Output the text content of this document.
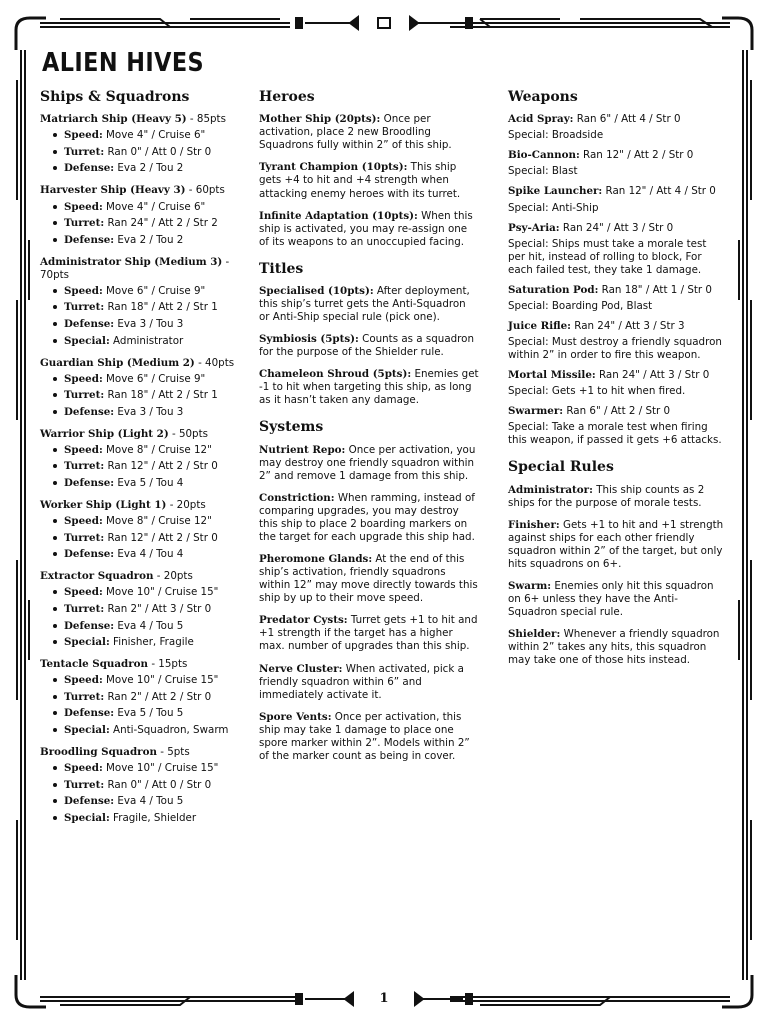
ALIEN HIVES
Ships & Squadrons
Matriarch Ship (Heavy 5) - 85pts
Speed: Move 4" / Cruise 6"
Turret: Ran 0" / Att 0 / Str 0
Defense: Eva 2 / Tou 2
Harvester Ship (Heavy 3) - 60pts
Speed: Move 4" / Cruise 6"
Turret: Ran 24" / Att 2 / Str 2
Defense: Eva 2 / Tou 2
Administrator Ship (Medium 3) - 70pts
Speed: Move 6" / Cruise 9"
Turret: Ran 18" / Att 2 / Str 1
Defense: Eva 3 / Tou 3
Special: Administrator
Guardian Ship (Medium 2) - 40pts
Speed: Move 6" / Cruise 9"
Turret: Ran 18" / Att 2 / Str 1
Defense: Eva 3 / Tou 3
Warrior Ship (Light 2) - 50pts
Speed: Move 8" / Cruise 12"
Turret: Ran 12" / Att 2 / Str 0
Defense: Eva 5 / Tou 4
Worker Ship (Light 1) - 20pts
Speed: Move 8" / Cruise 12"
Turret: Ran 12" / Att 2 / Str 0
Defense: Eva 4 / Tou 4
Extractor Squadron - 20pts
Speed: Move 10" / Cruise 15"
Turret: Ran 2" / Att 3 / Str 0
Defense: Eva 4 / Tou 5
Special: Finisher, Fragile
Tentacle Squadron - 15pts
Speed: Move 10" / Cruise 15"
Turret: Ran 2" / Att 2 / Str 0
Defense: Eva 5 / Tou 5
Special: Anti-Squadron, Swarm
Broodling Squadron - 5pts
Speed: Move 10" / Cruise 15"
Turret: Ran 0" / Att 0 / Str 0
Defense: Eva 4 / Tou 5
Special: Fragile, Shielder
Heroes
Mother Ship (20pts): Once per activation, place 2 new Broodling Squadrons fully within 2” of this ship.
Tyrant Champion (10pts): This ship gets +4 to hit and +4 strength when attacking enemy heroes with its turret.
Infinite Adaptation (10pts): When this ship is activated, you may re-assign one of its weapons to an unoccupied facing.
Titles
Specialised (10pts): After deployment, this ship’s turret gets the Anti-Squadron or Anti-Ship special rule (pick one).
Symbiosis (5pts): Counts as a squadron for the purpose of the Shielder rule.
Chameleon Shroud (5pts): Enemies get -1 to hit when targeting this ship, as long as it hasn’t taken any damage.
Systems
Nutrient Repo: Once per activation, you may destroy one friendly squadron within 2” and remove 1 damage from this ship.
Constriction: When ramming, instead of comparing upgrades, you may destroy this ship to place 2 boarding markers on the target for each upgrade this ship had.
Pheromone Glands: At the end of this ship’s activation, friendly squadrons within 12” may move directly towards this ship by up to their move speed.
Predator Cysts: Turret gets +1 to hit and +1 strength if the target has a higher max. number of upgrades than this ship.
Nerve Cluster: When activated, pick a friendly squadron within 6” and immediately activate it.
Spore Vents: Once per activation, this ship may take 1 damage to place one spore marker within 2”. Models within 2” of the marker count as being in cover.
Weapons
Acid Spray: Ran 6" / Att 4 / Str 0
Special: Broadside
Bio-Cannon: Ran 12" / Att 2 / Str 0
Special: Blast
Spike Launcher: Ran 12" / Att 4 / Str 0
Special: Anti-Ship
Psy-Aria: Ran 24" / Att 3 / Str 0
Special: Ships must take a morale test per hit, instead of rolling to block, For each failed test, they take 1 damage.
Saturation Pod: Ran 18" / Att 1 / Str 0
Special: Boarding Pod, Blast
Juice Rifle: Ran 24" / Att 3 / Str 3
Special: Must destroy a friendly squadron within 2” in order to fire this weapon.
Mortal Missile: Ran 24" / Att 3 / Str 0
Special: Gets +1 to hit when fired.
Swarmer: Ran 6" / Att 2 / Str 0
Special: Take a morale test when firing this weapon, if passed it gets +6 attacks.
Special Rules
Administrator: This ship counts as 2 ships for the purpose of morale tests.
Finisher: Gets +1 to hit and +1 strength against ships for each other friendly squadron within 2” of the target, but only hits squadrons on 6+.
Swarm: Enemies only hit this squadron on 6+ unless they have the Anti-Squadron special rule.
Shielder: Whenever a friendly squadron within 2” takes any hits, this squadron may take one of those hits instead.
1
